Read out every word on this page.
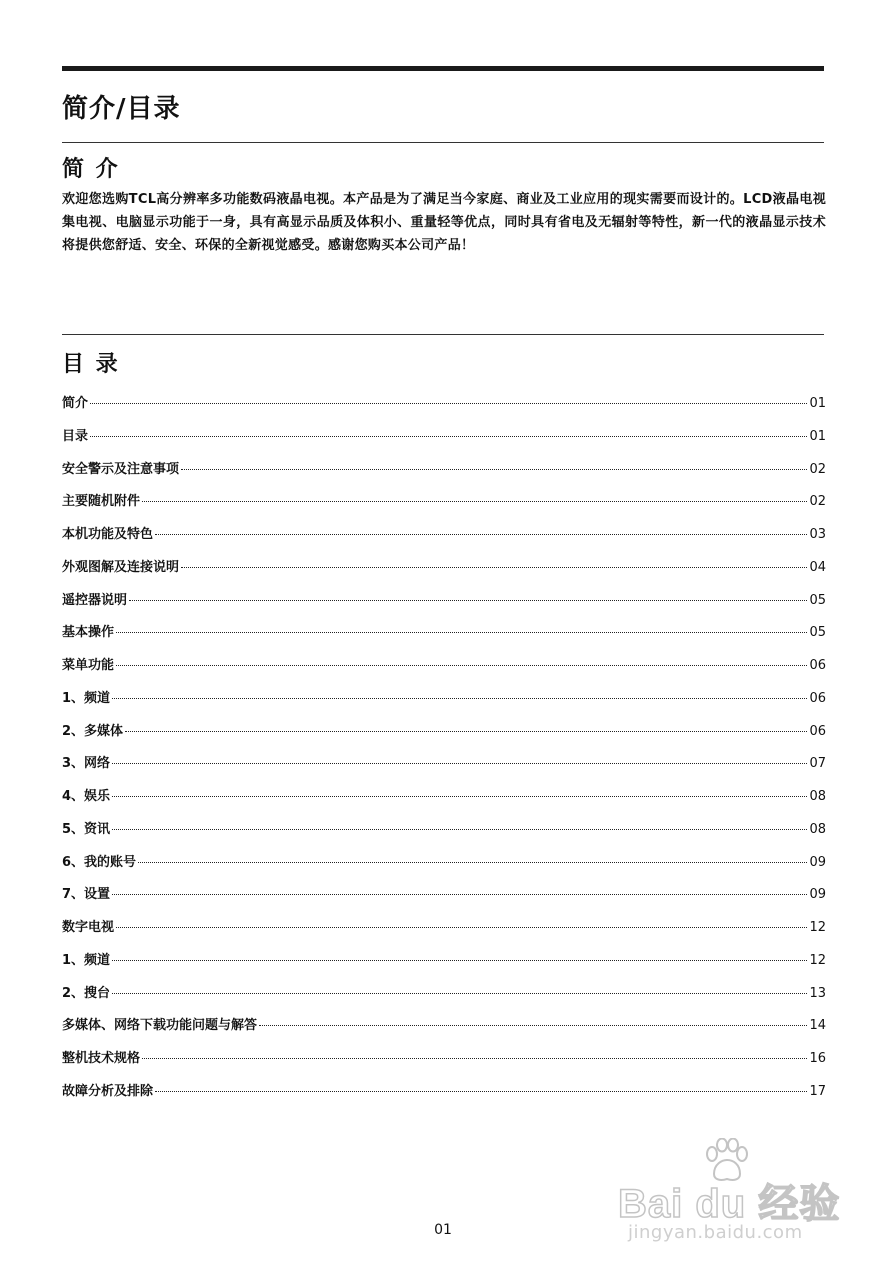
简介/目录
简 介

欢迎您选购TCL高分辨率多功能数码液晶电视。本产品是为了满足当今家庭、商业及工业应用的现实需要而设计的。LCD液晶电视集电视、电脑显示功能于一身，具有高显示品质及体积小、重量轻等优点，同时具有省电及无辐射等特性，新一代的液晶显示技术将提供您舒适、安全、环保的全新视觉感受。感谢您购买本公司产品！

目 录
简介	01
目录	01
安全警示及注意事项	02
主要随机附件	02
本机功能及特色	03
外观图解及连接说明	04
遥控器说明	05
基本操作	05
菜单功能	06
1、频道	06
2、多媒体	06
3、网络	07
4、娱乐	08
5、资讯	08
6、我的账号	09
7、设置	09
数字电视	12
1、频道	12
2、搜台	13
多媒体、网络下载功能问题与解答	14
整机技术规格	16
故障分析及排除	17
01
Bai du 经验
jingyan.baidu.com
